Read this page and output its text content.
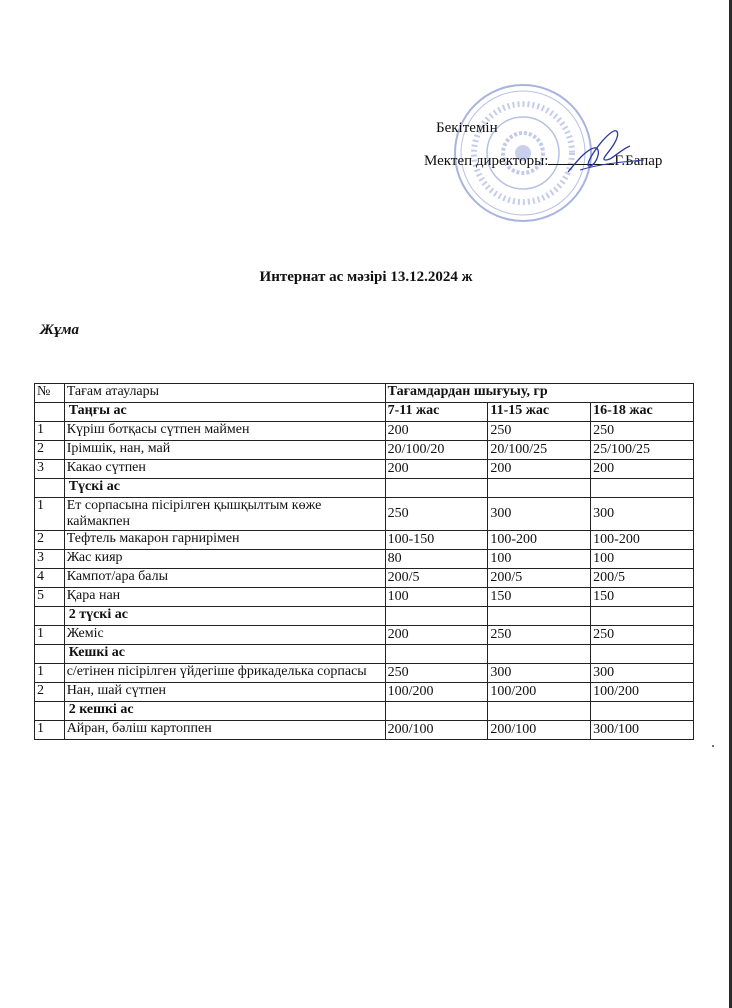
Бекітемін
Мектеп директоры:	Г.Бапар
Интернат ас мәзірі 13.12.2024 ж
Жұма
№	Тағам атаулары	Тағамдардан шығуыу, гр		
	Таңғы ас	7-11 жас	11-15 жас	16-18 жас
1	Күріш ботқасы сүтпен маймен	200	250	250
2	Ірімшік, нан, май	20/100/20	20/100/25	25/100/25
3	Какао сүтпен	200	200	200
	Түскі ас			
1	Ет сорпасына пісірілген қышқылтым көже каймакпен	250	300	300
2	Тефтель макарон гарнирімен	100-150	100-200	100-200
3	Жас кияр	80	100	100
4	Кампот/ара балы	200/5	200/5	200/5
5	Қара нан	100	150	150
	2 түскі ас			
1	Жеміс	200	250	250
	Кешкі ас			
1	с/етінен пісірілген үйдегіше фрикаделька сорпасы	250	300	300
2	Нан, шай сүтпен	100/200	100/200	100/200
	2 кешкі ас			
1	Айран, бәліш картоппен	200/100	200/100	300/100
